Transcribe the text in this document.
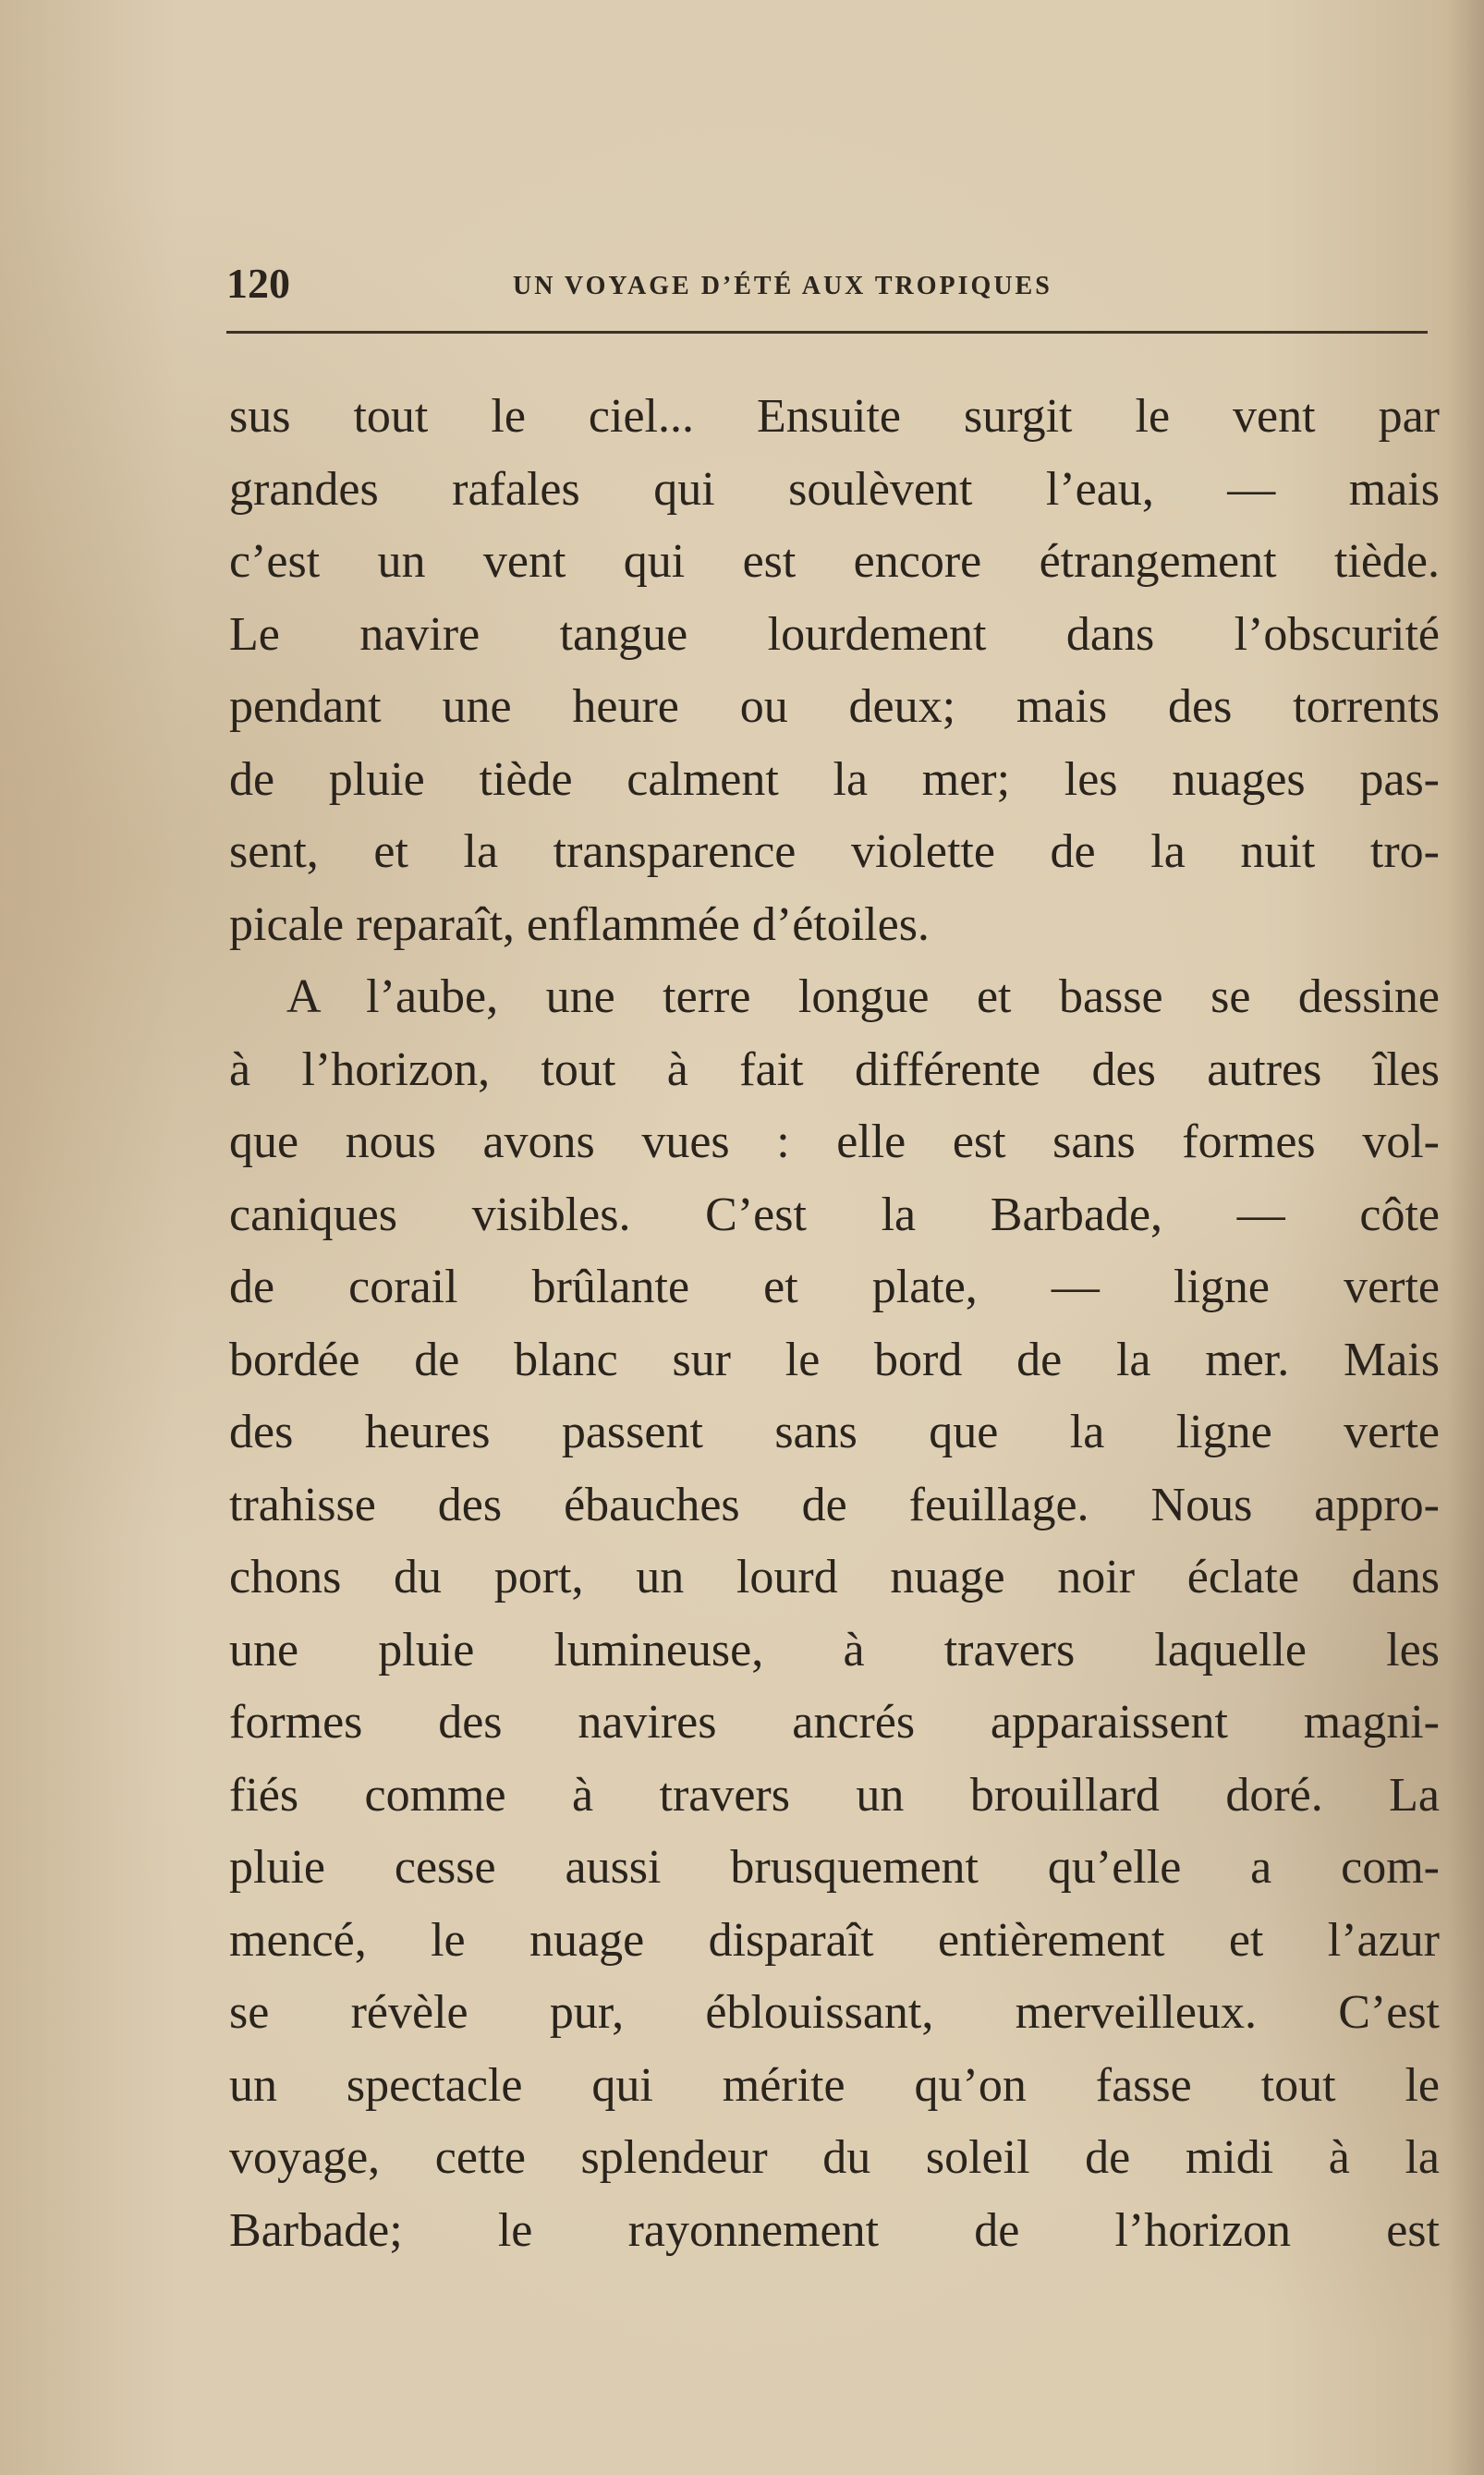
120	UN VOYAGE D’ÉTÉ AUX TROPIQUES
sus tout le ciel... Ensuite surgit le vent par
grandes rafales qui soulèvent l’eau, — mais
c’est un vent qui est encore étrangement tiède.
Le navire tangue lourdement dans l’obscurité
pendant une heure ou deux; mais des torrents
de pluie tiède calment la mer; les nuages pas-
sent, et la transparence violette de la nuit tro-
picale reparaît, enflammée d’étoiles.
A l’aube, une terre longue et basse se dessine
à l’horizon, tout à fait différente des autres îles
que nous avons vues : elle est sans formes vol-
caniques visibles. C’est la Barbade, — côte
de corail brûlante et plate, — ligne verte
bordée de blanc sur le bord de la mer. Mais
des heures passent sans que la ligne verte
trahisse des ébauches de feuillage. Nous appro-
chons du port, un lourd nuage noir éclate dans
une pluie lumineuse, à travers laquelle les
formes des navires ancrés apparaissent magni-
fiés comme à travers un brouillard doré. La
pluie cesse aussi brusquement qu’elle a com-
mencé, le nuage disparaît entièrement et l’azur
se révèle pur, éblouissant, merveilleux. C’est
un spectacle qui mérite qu’on fasse tout le
voyage, cette splendeur du soleil de midi à la
Barbade; le rayonnement de l’horizon est
